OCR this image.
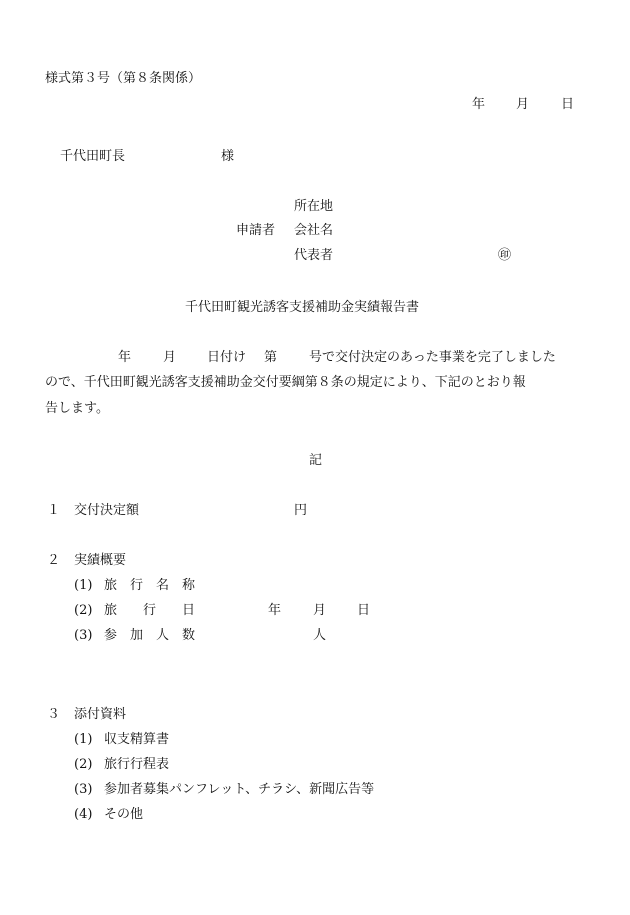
様式第３号（第８条関係）
年 月 日
千代田町長	様
所在地
申請者 会社名
代表者	㊞
千代田町観光誘客支援補助金実績報告書
年 月 日付け 第 号で交付決定のあった事業を完了しました
ので、千代田町観光誘客支援補助金交付要綱第８条の規定により、下記のとおり報
告します。
記
１ 交付決定額	円
２ 実績概要
(1) 旅　行　名　称
(2) 旅　　行　　日	年 月 日
(3) 参　加　人　数	人
３ 添付資料
(1) 収支精算書
(2) 旅行行程表
(3) 参加者募集パンフレット、チラシ、新聞広告等
(4) その他
